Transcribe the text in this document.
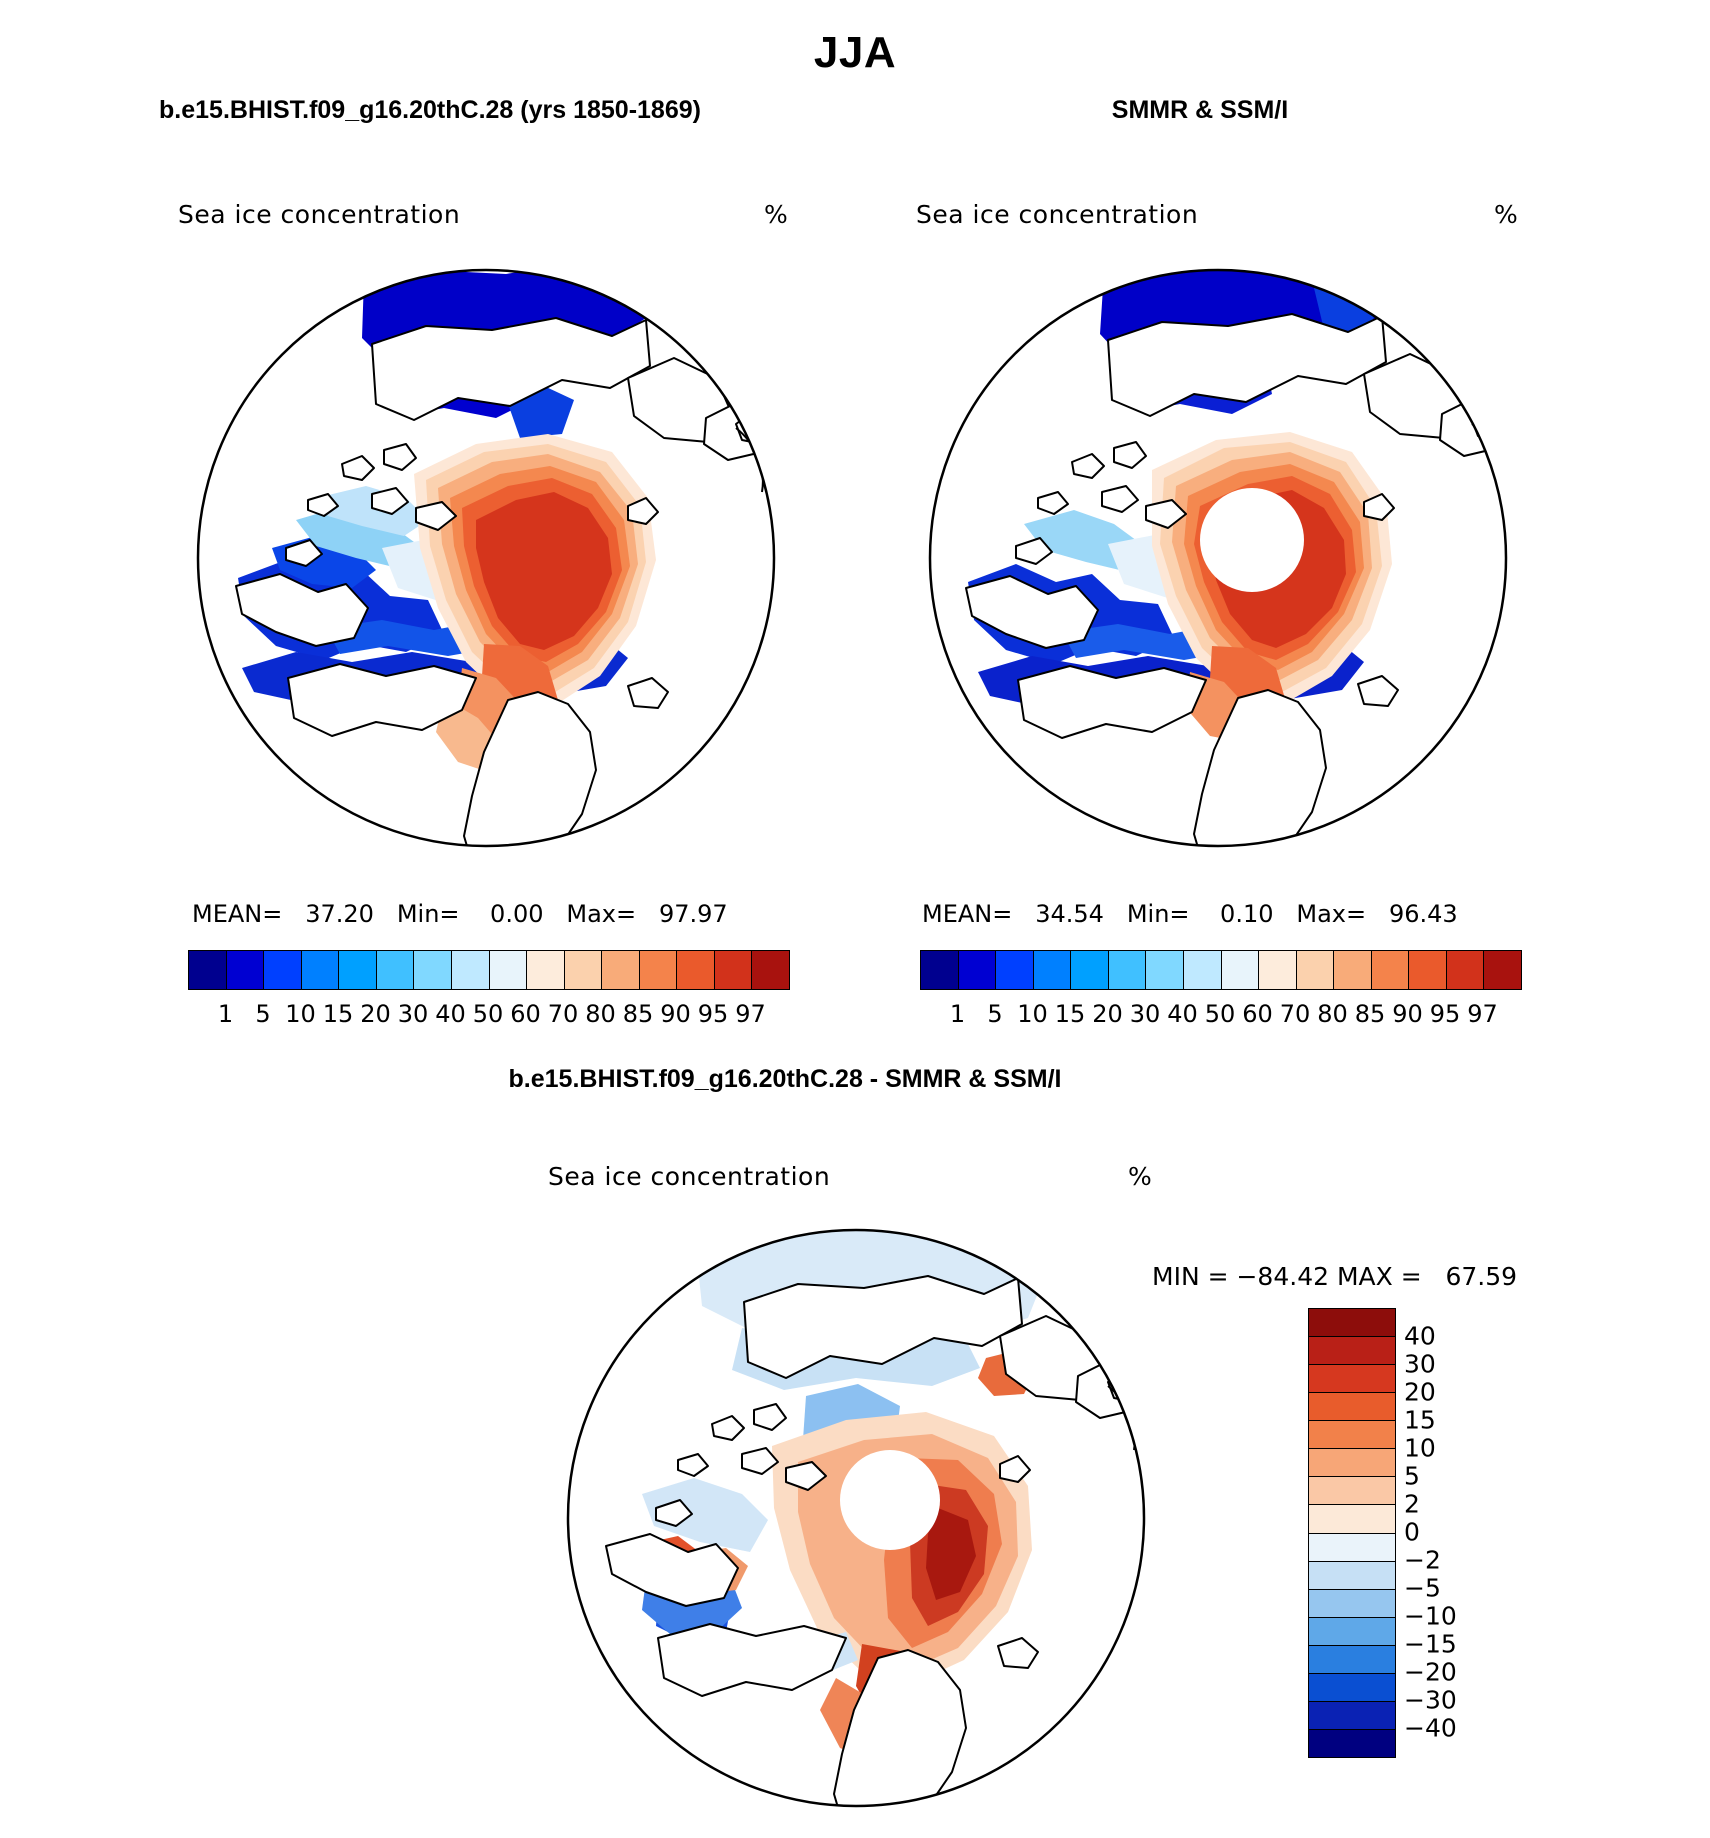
JJA
b.e15.BHIST.f09_g16.20thC.28 (yrs 1850-1869)	SMMR & SSM/I
b.e15.BHIST.f09_g16.20thC.28 - SMMR & SSM/I
Sea ice concentration	%
MEAN=   37.20   Min=    0.00   Max=   97.97
1 5 10 15 20 30 40 50 60 70 80 85 90 95 97
Sea ice concentration	%
MEAN=   34.54   Min=    0.10   Max=   96.43
1 5 10 15 20 30 40 50 60 70 80 85 90 95 97
Sea ice concentration	%
MIN = −84.42 MAX =   67.59
40
30
20
15
10
5
2
0
−2
−5
−10
−15
−20
−30
−40
